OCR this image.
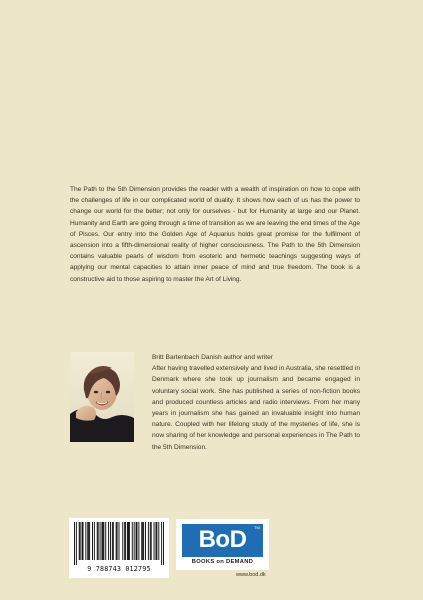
The Path to the 5th Dimension provides the reader with a wealth of inspiration on how to cope with the challenges of life in our complicated world of duality. It shows how each of us has the power to change our world for the better; not only for ourselves - but for Humanity at large and our Planet. Humanity and Earth are going through a time of transition as we are leaving the end times of the Age of Pisces. Our entry into the Golden Age of Aquarius holds great promise for the fulfilment of ascension into a fifth-dimensional reality of higher consciousness. The Path to the 5th Dimension contains valuable pearls of wisdom from esoteric and hermetic teachings suggesting ways of applying our mental capacities to attain inner peace of mind and true freedom. The book is a constructive aid to those aspiring to master the Art of Living.

Britt Bartenbach Danish author and writer

After having travelled extensively and lived in Australia, she resettled in Denmark where she took up journalism and became engaged in voluntary social work. She has published a series of non-fiction books and produced countless articles and radio interviews. From her many years in journalism she has gained an invaluable insight into human nature. Coupled with her lifelong study of the mysteries of life, she is now sharing of her knowledge and personal experiences in The Path to the 5th Dimension.

9 788743 012795
BoD	TM
BOOKS on DEMAND
www.bod.dk
